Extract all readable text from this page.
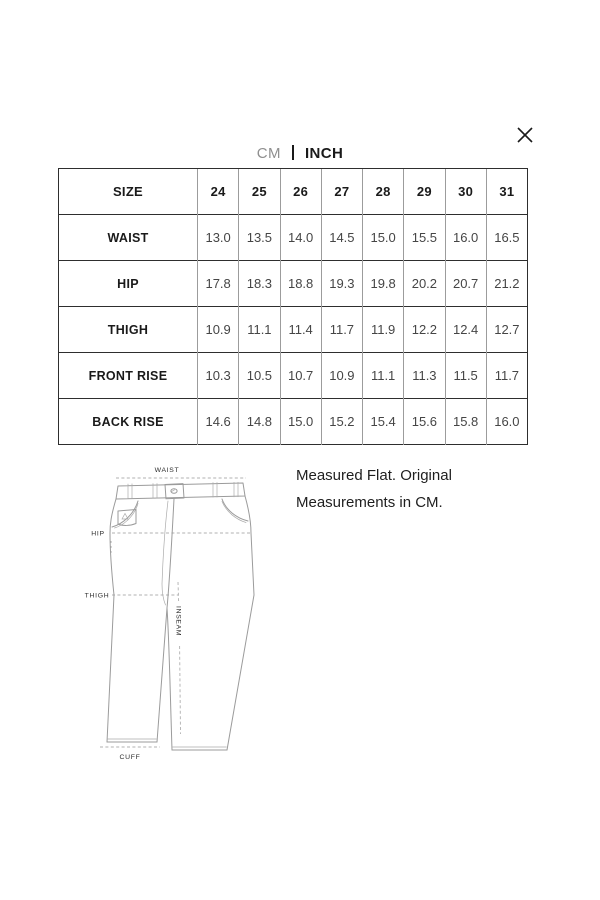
CM INCH
SIZE	24	25	26	27	28	29	30	31
WAIST	13.0	13.5	14.0	14.5	15.0	15.5	16.0	16.5
HIP	17.8	18.3	18.8	19.3	19.8	20.2	20.7	21.2
THIGH	10.9	11.1	11.4	11.7	11.9	12.2	12.4	12.7
FRONT RISE	10.3	10.5	10.7	10.9	11.1	11.3	11.5	11.7
BACK RISE	14.6	14.8	15.0	15.2	15.4	15.6	15.8	16.0
WAIST
HIP
THIGH
INSEAM
CUFF
Measured Flat. Original
Measurements in CM.
